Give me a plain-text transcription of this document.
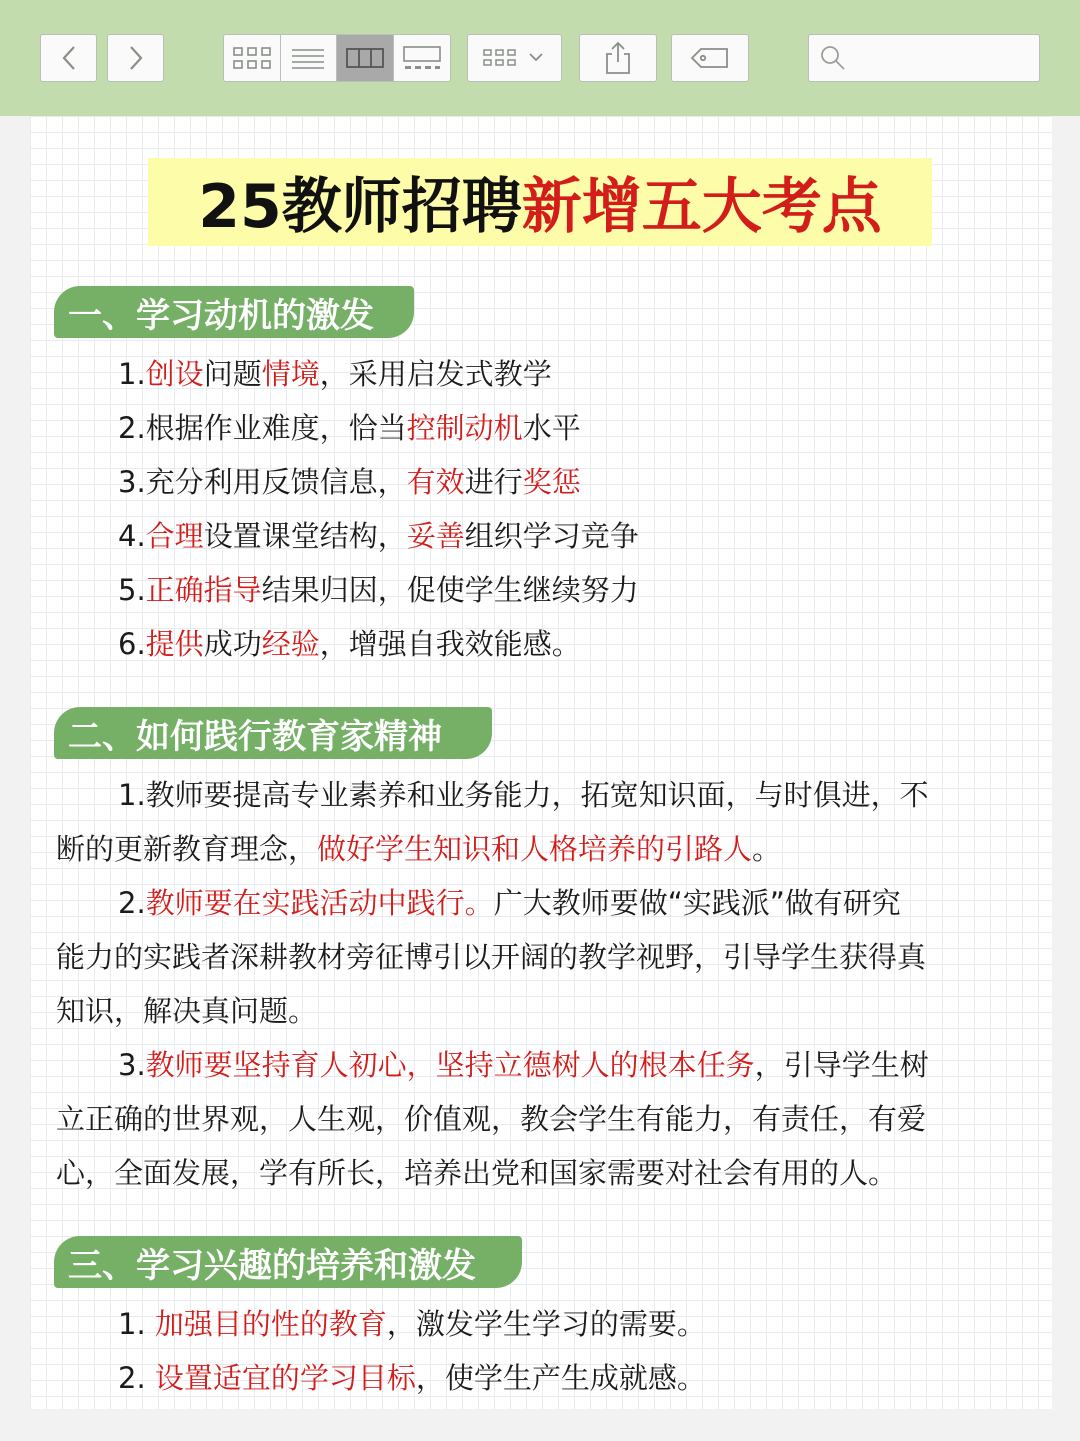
25教师招聘 新增五大考点
一、学习动机的激发
二、如何践行教育家精神
三、学习兴趣的培养和激发
1.创设问题情境，采用启发式教学
2.根据作业难度，恰当控制动机水平
3.充分利用反馈信息，有效进行奖惩
4.合理设置课堂结构，妥善组织学习竞争
5.正确指导结果归因，促使学生继续努力
6.提供成功经验，增强自我效能感。
1.教师要提高专业素养和业务能力，拓宽知识面，与时俱进，不
断的更新教育理念，做好学生知识和人格培养的引路人。
2.教师要在实践活动中践行。广大教师要做“实践派”做有研究
能力的实践者深耕教材旁征博引以开阔的教学视野，引导学生获得真
知识，解决真问题。
3.教师要坚持育人初心，坚持立德树人的根本任务，引导学生树
立正确的世界观，人生观，价值观，教会学生有能力，有责任，有爱
心，全面发展，学有所长，培养出党和国家需要对社会有用的人。
1. 加强目的性的教育，激发学生学习的需要。
2. 设置适宜的学习目标，使学生产生成就感。
